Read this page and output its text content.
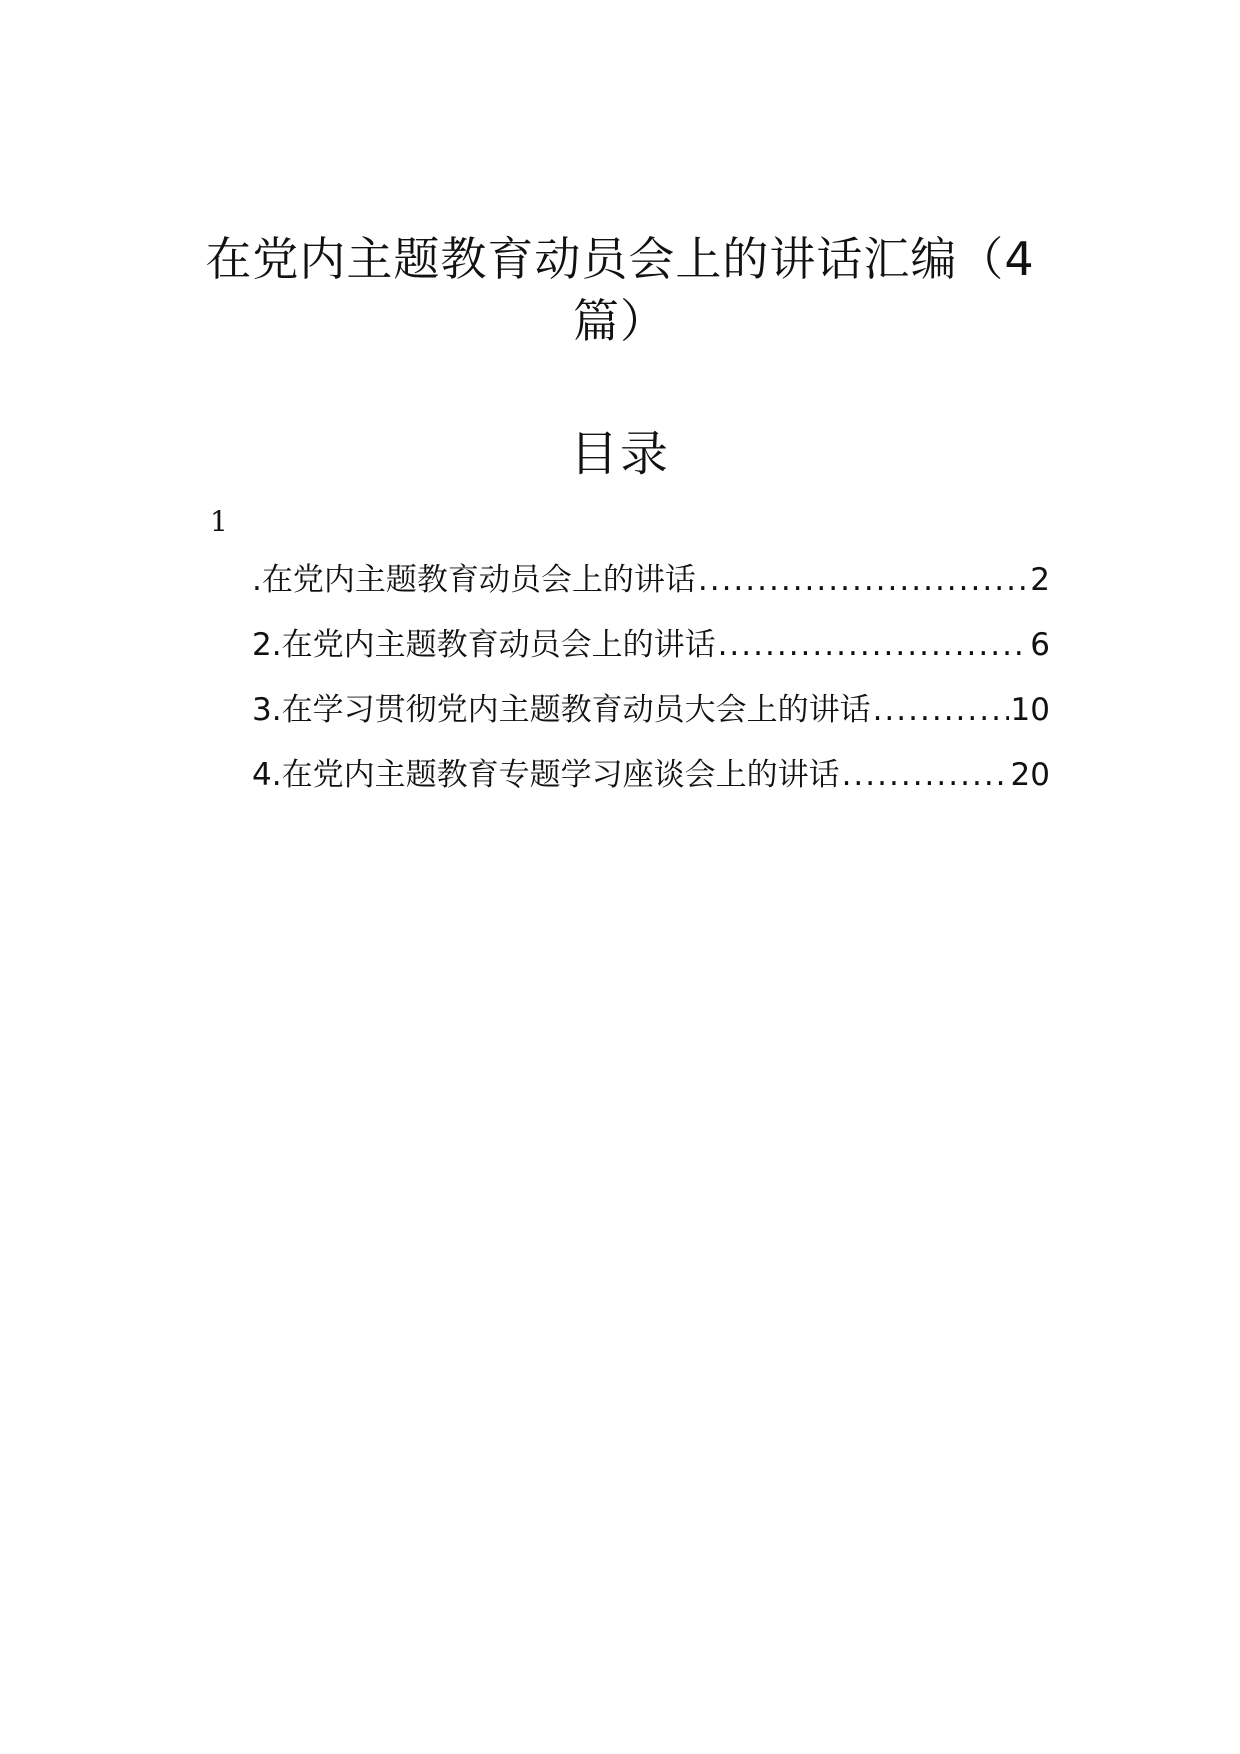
在党内主题教育动员会上的讲话汇编（4
篇）
目录
1
.在党内主题教育动员会上的讲话 .....	2
2.在党内主题教育动员会上的讲话 .....	6
3.在学习贯彻党内主题教育动员大会上的讲话 .....	10
4.在党内主题教育专题学习座谈会上的讲话 .....	20
